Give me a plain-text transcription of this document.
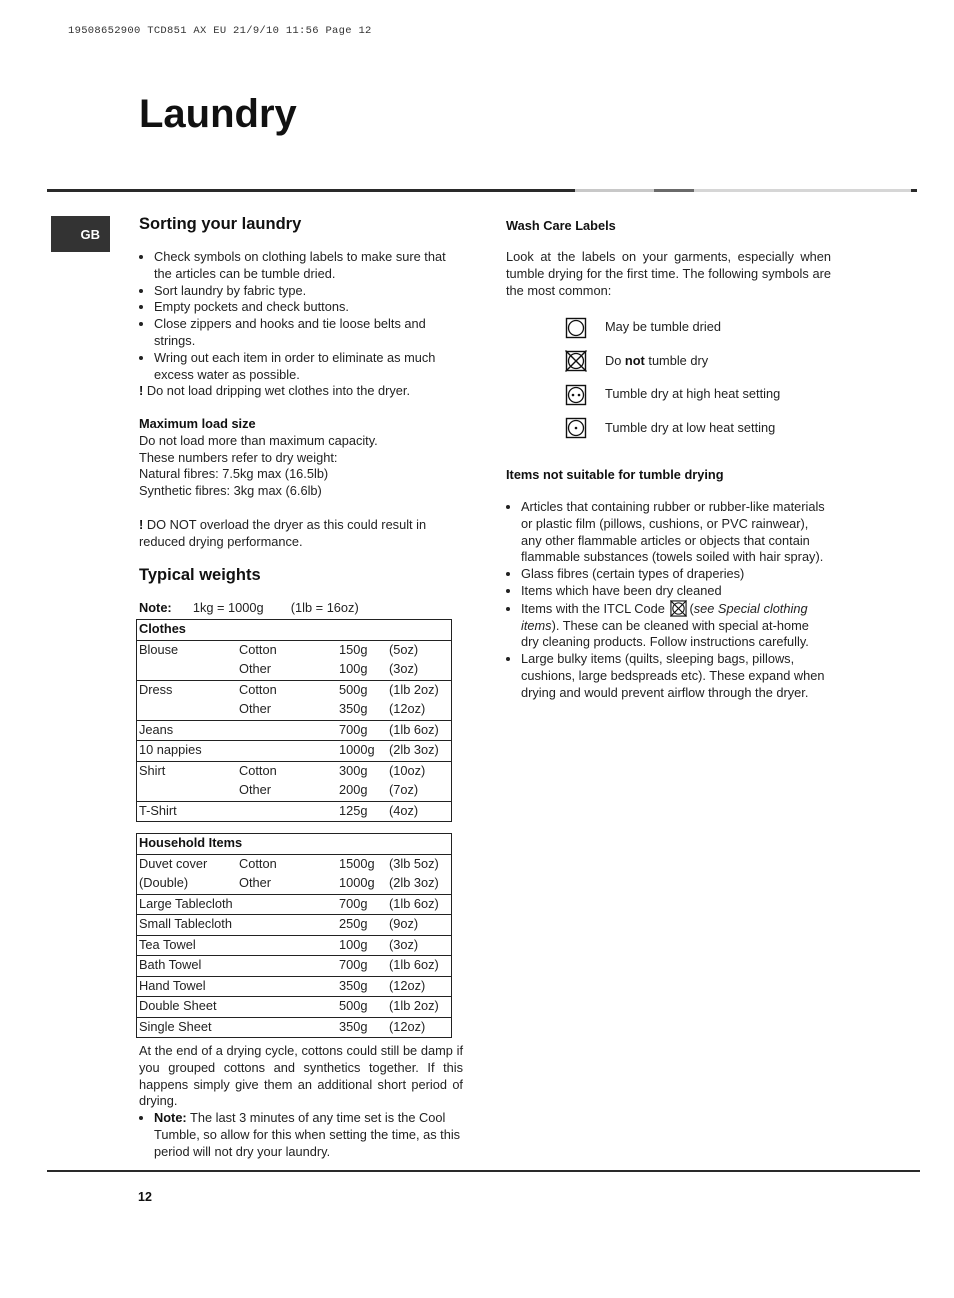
19508652900 TCD851 AX EU 21/9/10 11:56 Page 12
Laundry
GB
Sorting your laundry
• Check symbols on clothing labels to make sure that the articles can be tumble dried.
• Sort laundry by fabric type.
• Empty pockets and check buttons.
• Close zippers and hooks and tie loose belts and strings.
• Wring out each item in order to eliminate as much excess water as possible.
! Do not load dripping wet clothes into the dryer.
Maximum load size
Do not load more than maximum capacity.
These numbers refer to dry weight:
Natural fibres: 7.5kg max (16.5lb)
Synthetic fibres: 3kg max (6.6lb)
! DO NOT overload the dryer as this could result in reduced drying performance.
Typical weights
Note: 1kg = 1000g (1lb = 16oz)
Clothes			
Blouse	Cotton	150g	(5oz)
	Other	100g	(3oz)
Dress	Cotton	500g	(1lb 2oz)
	Other	350g	(12oz)
Jeans		700g	(1lb 6oz)
10 nappies		1000g	(2lb 3oz)
Shirt	Cotton	300g	(10oz)
	Other	200g	(7oz)
T-Shirt		125g	(4oz)
Household Items			
Duvet cover	Cotton	1500g	(3lb 5oz)
(Double)	Other	1000g	(2lb 3oz)
Large Tablecloth		700g	(1lb 6oz)
Small Tablecloth		250g	(9oz)
Tea Towel		100g	(3oz)
Bath Towel		700g	(1lb 6oz)
Hand Towel		350g	(12oz)
Double Sheet		500g	(1lb 2oz)
Single Sheet		350g	(12oz)
At the end of a drying cycle, cottons could still be damp if you grouped cottons and synthetics together. If this happens simply give them an additional short period of drying.
• Note: The last 3 minutes of any time set is the Cool Tumble, so allow for this when setting the time, as this period will not dry your laundry.
Wash Care Labels
Look at the labels on your garments, especially when tumble drying for the first time. The following symbols are the most common:
May be tumble dried
Do not tumble dry
Tumble dry at high heat setting
Tumble dry at low heat setting
Items not suitable for tumble drying
• Articles that containing rubber or rubber-like materials or plastic film (pillows, cushions, or PVC rainwear), any other flammable articles or objects that contain flammable substances (towels soiled with hair spray).
• Glass fibres (certain types of draperies)
• Items which have been dry cleaned
• Items with the ITCL Code (see Special clothing items). These can be cleaned with special at-home dry cleaning products. Follow instructions carefully.
• Large bulky items (quilts, sleeping bags, pillows, cushions, large bedspreads etc). These expand when drying and would prevent airflow through the dryer.
12
